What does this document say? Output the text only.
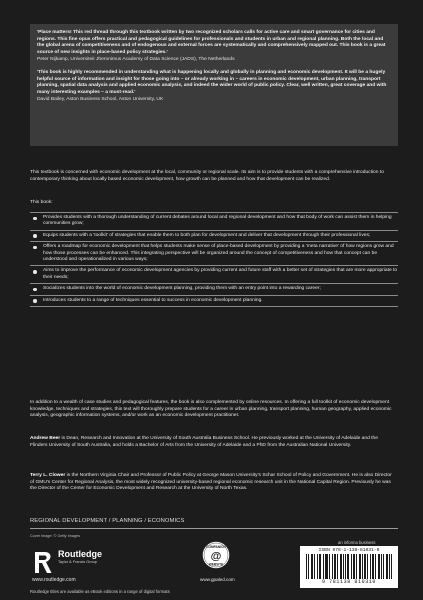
'Place matters! This red thread through this textbook written by two recognized scholars calls for active care and smart governance for cities and regions. This fine opus offers practical and pedagogical guidelines for professionals and students in urban and regional planning. Both the local and the global arena of competitiveness and of endogenous and external forces are systematically and comprehensively mapped out. This book is a great source of new insights in place-based policy strategies.'

Peter Nijkamp, Universiteit Jheronimus Academy of Data Science (JADS), The Netherlands

'This book is highly recommended in understanding what is happening locally and globally in planning and economic development. It will be a hugely helpful source of information and insight for those going into – or already working in – careers in economic development, urban planning, transport planning, spatial data analysis and applied economic analysis, and indeed the wider world of public policy. Clear, well written, great coverage and with many interesting examples – a must-read.'

David Bailey, Aston Business School, Aston University, UK

This textbook is concerned with economic development at the local, community or regional scale. Its aim is to provide students with a comprehensive introduction to contemporary thinking about locally based economic development, how growth can be planned and how that development can be realized.

This book:

Provides students with a thorough understanding of current debates around local and regional development and how that body of work can assist them in helping communities grow;
Equips students with a 'toolkit' of strategies that enable them to both plan for development and deliver that development through their professional lives;
Offers a roadmap for economic development that helps students make sense of place-based development by providing a 'meta narrative' of how regions grow and how those processes can be enhanced. This integrating perspective will be organized around the concept of competitiveness and how that concept can be understood and operationalized in various ways;
Aims to improve the performance of economic development agencies by providing current and future staff with a better set of strategies that are more appropriate to their needs;
Socializes students into the world of economic development planning, providing them with an entry point into a rewarding career;
Introduces students to a range of techniques essential to success in economic development planning.

In addition to a wealth of case studies and pedagogical features, the book is also complemented by online resources. In offering a full toolkit of economic development knowledge, techniques and strategies, this text will thoroughly prepare students for a career in urban planning, transport planning, human geography, applied economic analysis, geographic information systems, and/or work as an economic development practitioner.

Andrew Beer is Dean, Research and Innovation at the University of South Australia Business School. He previously worked at the University of Adelaide and the Flinders University of South Australia, and holds a Bachelor of Arts from the University of Adelaide and a PhD from the Australian National University.

Terry L. Clower is the Northern Virginia Chair and Professor of Public Policy at George Mason University's Schar School of Policy and Government. He is also Director of GMU's Center for Regional Analysis, the most widely recognized university-based regional economic research unit in the National Capital Region. Previously he was the Director of the Center for Economic Development and Research at the University of North Texas.

REGIONAL DEVELOPMENT / PLANNING / ECONOMICS
Cover image: © Getty Images
Routledge
Taylor & Francis Group
www.routledge.com
COMPANION
@
WEBSITE
www.gpaled.com
an informa business
ISBN 978-1-138-81031-0
9 781138 810310
Routledge titles are available as eBook editions in a range of digital formats
